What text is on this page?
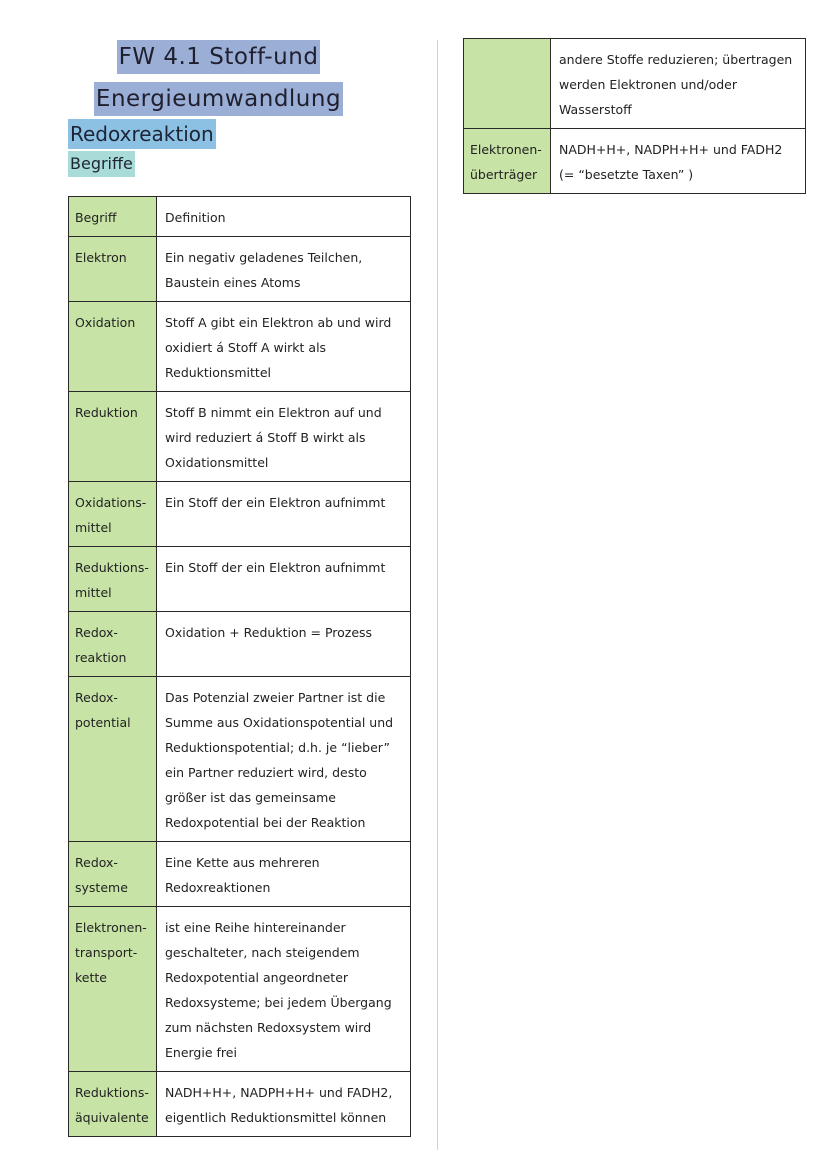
FW 4.1 Stoff-und
Energieumwandlung
Redoxreaktion
Begriffe
Begriff	Definition
Elektron	Ein negativ geladenes Teilchen, Baustein eines Atoms
Oxidation	Stoff A gibt ein Elektron ab und wird oxidiert á Stoff A wirkt als Reduktionsmittel
Reduktion	Stoff B nimmt ein Elektron auf und wird reduziert á Stoff B wirkt als Oxidationsmittel
Oxidations-mittel	Ein Stoff der ein Elektron aufnimmt
Reduktions-mittel	Ein Stoff der ein Elektron aufnimmt
Redox-reaktion	Oxidation + Reduktion = Prozess
Redox-potential	Das Potenzial zweier Partner ist die Summe aus Oxidationspotential und Reduktionspotential; d.h. je “lieber” ein Partner reduziert wird, desto größer ist das gemeinsame Redoxpotential bei der Reaktion
Redox-systeme	Eine Kette aus mehreren Redoxreaktionen
Elektronen-transport-kette	ist eine Reihe hintereinander geschalteter, nach steigendem Redoxpotential angeordneter Redoxsysteme; bei jedem Übergang zum nächsten Redoxsystem wird Energie frei
Reduktions-äquivalente	NADH+H+, NADPH+H+ und FADH2, eigentlich Reduktionsmittel können
	andere Stoffe reduzieren; übertragen werden Elektronen und/oder Wasserstoff
Elektronen-überträger	NADH+H+, NADPH+H+ und FADH2 (= “besetzte Taxen” )
